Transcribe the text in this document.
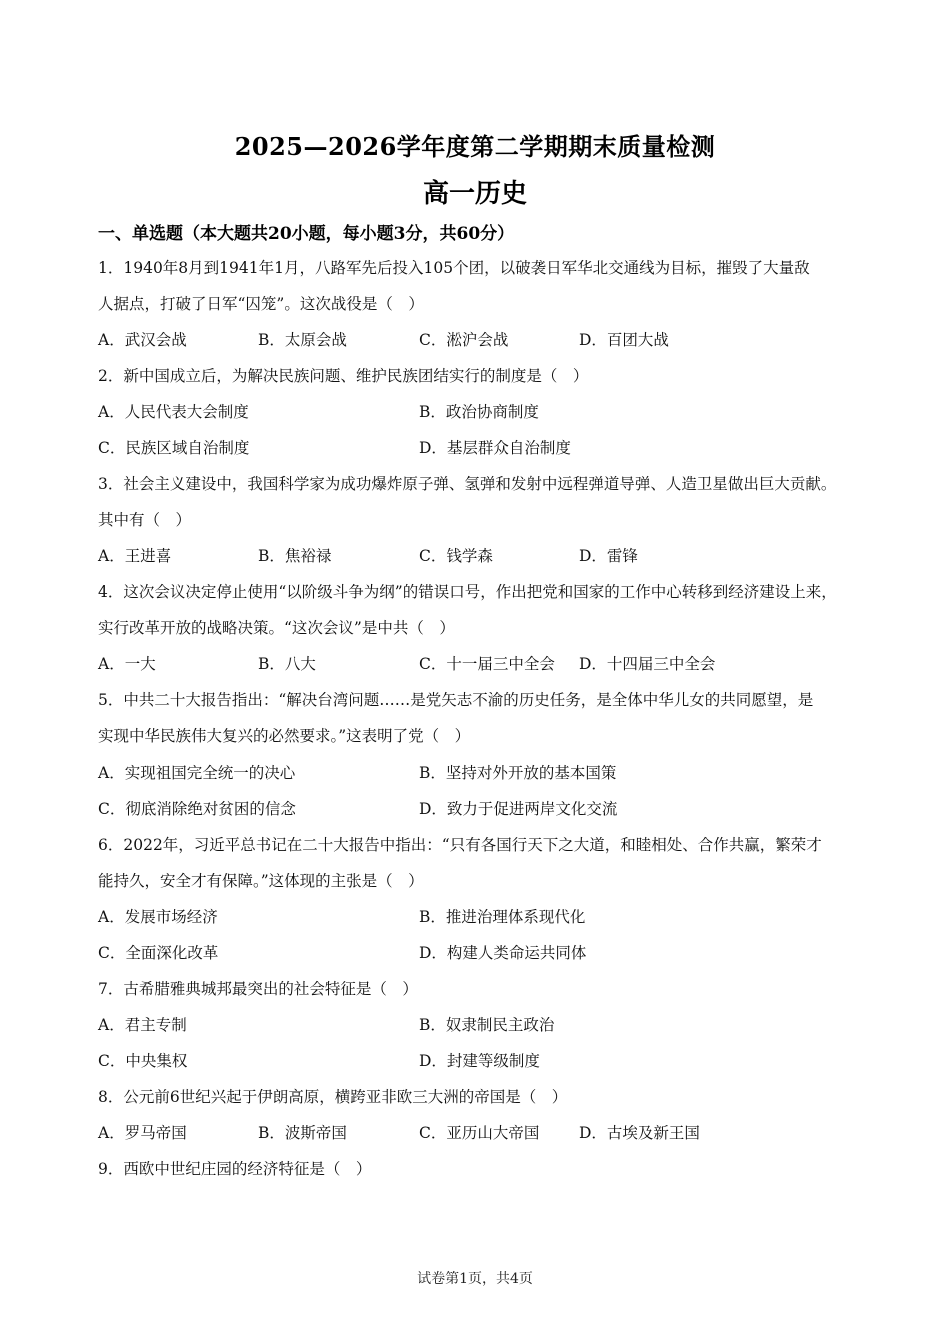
2025—2026学年度第二学期期末质量检测
高一历史
一、单选题（本大题共20小题，每小题3分，共60分）
1．1940年8月到1941年1月，八路军先后投入105个团，以破袭日军华北交通线为目标，摧毁了大量敌
人据点，打破了日军“囚笼”。这次战役是（　）
A．武汉会战	B．太原会战	C．淞沪会战	D．百团大战
2．新中国成立后，为解决民族问题、维护民族团结实行的制度是（　）
A．人民代表大会制度	B．政治协商制度
C．民族区域自治制度	D．基层群众自治制度
3．社会主义建设中，我国科学家为成功爆炸原子弹、氢弹和发射中远程弹道导弹、人造卫星做出巨大贡献。
其中有（　）
A．王进喜	B．焦裕禄	C．钱学森	D．雷锋
4．这次会议决定停止使用“以阶级斗争为纲”的错误口号，作出把党和国家的工作中心转移到经济建设上来，
实行改革开放的战略决策。“这次会议”是中共（　）
A．一大	B．八大	C．十一届三中全会 D．十四届三中全会
5．中共二十大报告指出：“解决台湾问题……是党矢志不渝的历史任务，是全体中华儿女的共同愿望，是
实现中华民族伟大复兴的必然要求。”这表明了党（　）
A．实现祖国完全统一的决心	B．坚持对外开放的基本国策
C．彻底消除绝对贫困的信念	D．致力于促进两岸文化交流
6．2022年，习近平总书记在二十大报告中指出：“只有各国行天下之大道，和睦相处、合作共赢，繁荣才
能持久，安全才有保障。”这体现的主张是（　）
A．发展市场经济	B．推进治理体系现代化
C．全面深化改革	D．构建人类命运共同体
7．古希腊雅典城邦最突出的社会特征是（　）
A．君主专制	B．奴隶制民主政治
C．中央集权	D．封建等级制度
8．公元前6世纪兴起于伊朗高原，横跨亚非欧三大洲的帝国是（　）
A．罗马帝国	B．波斯帝国	C．亚历山大帝国	D．古埃及新王国
9．西欧中世纪庄园的经济特征是（　）
试卷第1页，共4页
